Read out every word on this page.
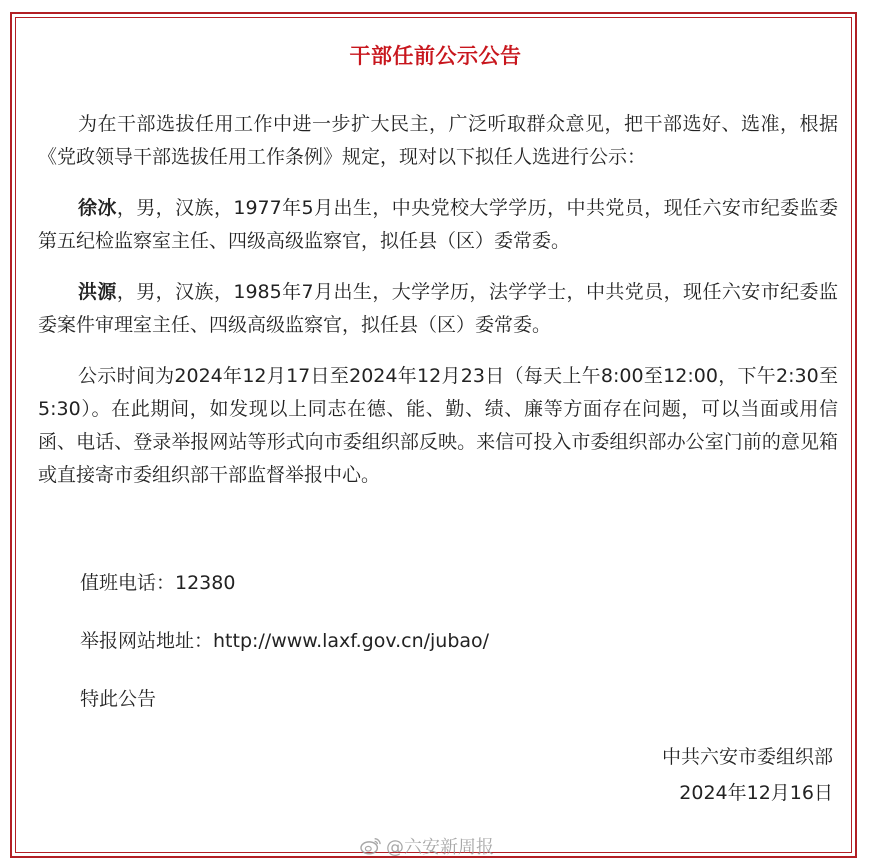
干部任前公示公告

为在干部选拔任用工作中进一步扩大民主，广泛听取群众意见，把干部选好、选准，根据《党政领导干部选拔任用工作条例》规定，现对以下拟任人选进行公示：

徐冰，男，汉族，1977年5月出生，中央党校大学学历，中共党员，现任六安市纪委监委第五纪检监察室主任、四级高级监察官，拟任县（区）委常委。

洪源，男，汉族，1985年7月出生，大学学历，法学学士，中共党员，现任六安市纪委监委案件审理室主任、四级高级监察官，拟任县（区）委常委。

公示时间为2024年12月17日至2024年12月23日（每天上午8:00至12:00，下午2:30至5:30）。在此期间，如发现以上同志在德、能、勤、绩、廉等方面存在问题，可以当面或用信函、电话、登录举报网站等形式向市委组织部反映。来信可投入市委组织部办公室门前的意见箱或直接寄市委组织部干部监督举报中心。

值班电话：12380
举报网站地址：http://www.laxf.gov.cn/jubao/
特此公告
中共六安市委组织部
2024年12月16日
@六安新周报
